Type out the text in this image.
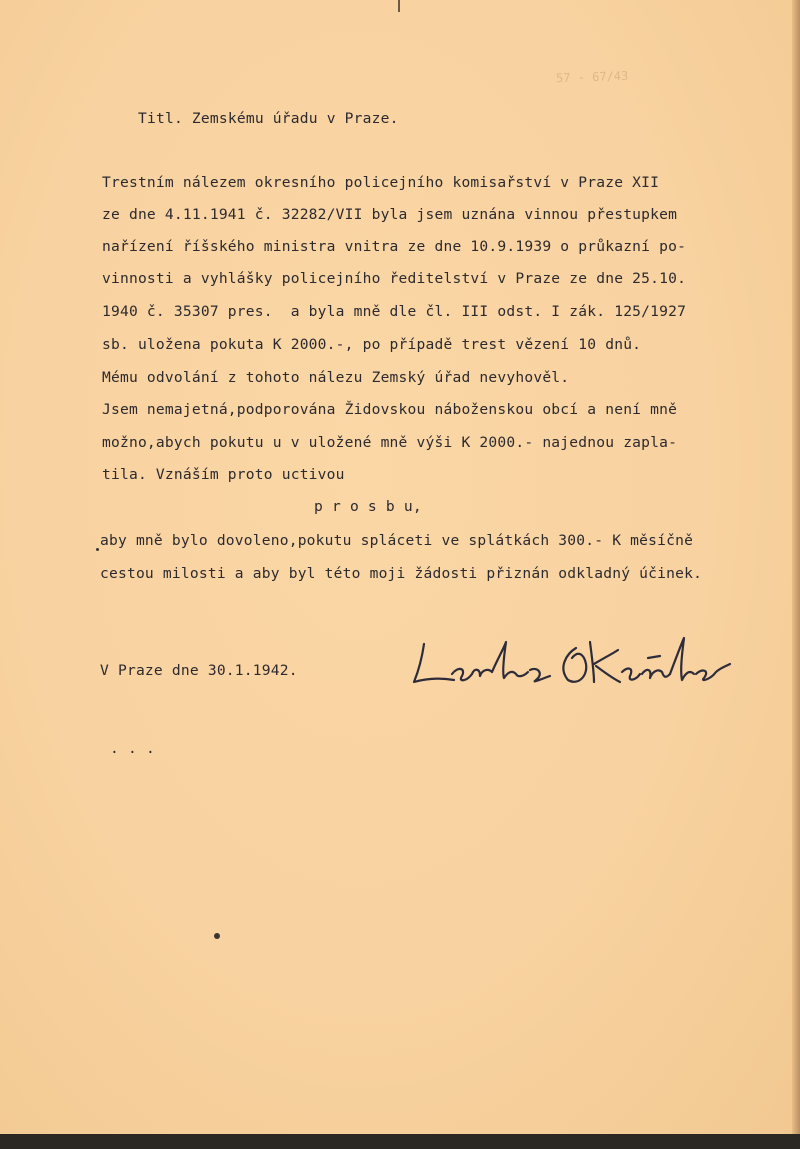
Titl. Zemskému úřadu v Praze.
57 - 67/43
Trestním nálezem okresního policejního komisařství v Praze XII
ze dne 4.11.1941 č. 32282/VII byla jsem uznána vinnou přestupkem
nařízení říšského ministra vnitra ze dne 10.9.1939 o průkazní po-
vinnosti a vyhlášky policejního ředitelství v Praze ze dne 25.10.
1940 č. 35307 pres.  a byla mně dle čl. III odst. I zák. 125/1927
sb. uložena pokuta K 2000.-, po případě trest vězení 10 dnů.
Mému odvolání z tohoto nálezu Zemský úřad nevyhověl.
Jsem nemajetná,podporována Židovskou náboženskou obcí a není mně
možno,abych pokutu u v uložené mně výši K 2000.- najednou zapla-
tila. Vznáším proto uctivou
p r o s b u,
aby mně bylo dovoleno,pokutu spláceti ve splátkách 300.- K měsíčně
cestou milosti a aby byl této moji žádosti přiznán odkladný účinek.
V Praze dne 30.1.1942.
. . .
